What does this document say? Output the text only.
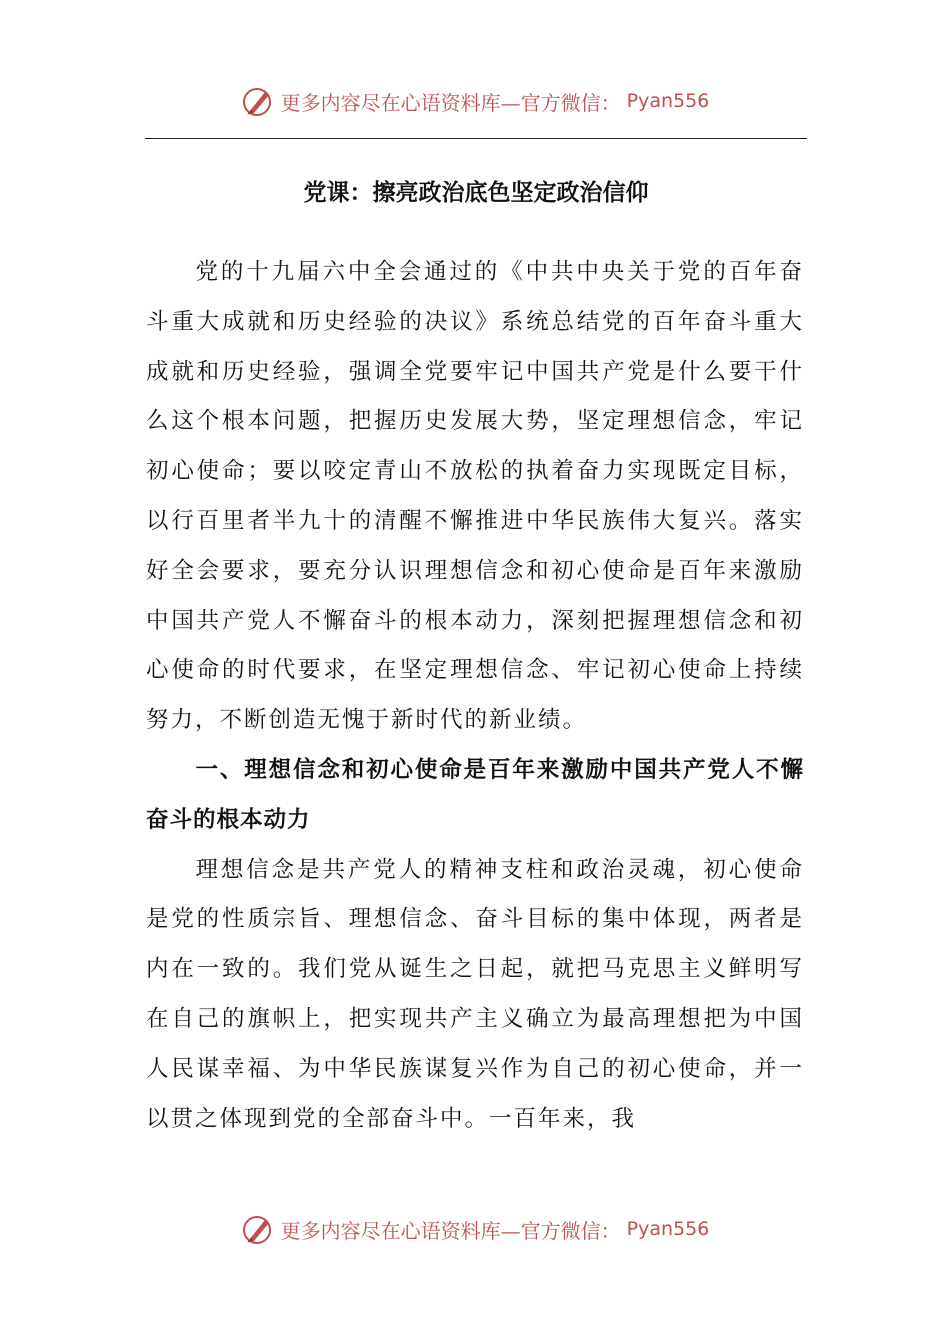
更多内容尽在心语资料库—官方微信： Pyan556
党课：擦亮政治底色坚定政治信仰

党的十九届六中全会通过的《中共中央关于党的百年奋斗重大成就和历史经验的决议》系统总结党的百年奋斗重大成就和历史经验，强调全党要牢记中国共产党是什么要干什么这个根本问题，把握历史发展大势，坚定理想信念，牢记初心使命；要以咬定青山不放松的执着奋力实现既定目标，以行百里者半九十的清醒不懈推进中华民族伟大复兴。落实好全会要求，要充分认识理想信念和初心使命是百年来激励中国共产党人不懈奋斗的根本动力，深刻把握理想信念和初心使命的时代要求，在坚定理想信念、牢记初心使命上持续努力，不断创造无愧于新时代的新业绩。

一、理想信念和初心使命是百年来激励中国共产党人不懈奋斗的根本动力

理想信念是共产党人的精神支柱和政治灵魂，初心使命是党的性质宗旨、理想信念、奋斗目标的集中体现，两者是内在一致的。我们党从诞生之日起，就把马克思主义鲜明写在自己的旗帜上，把实现共产主义确立为最高理想把为中国人民谋幸福、为中华民族谋复兴作为自己的初心使命，并一以贯之体现到党的全部奋斗中。一百年来，我

更多内容尽在心语资料库—官方微信： Pyan556
